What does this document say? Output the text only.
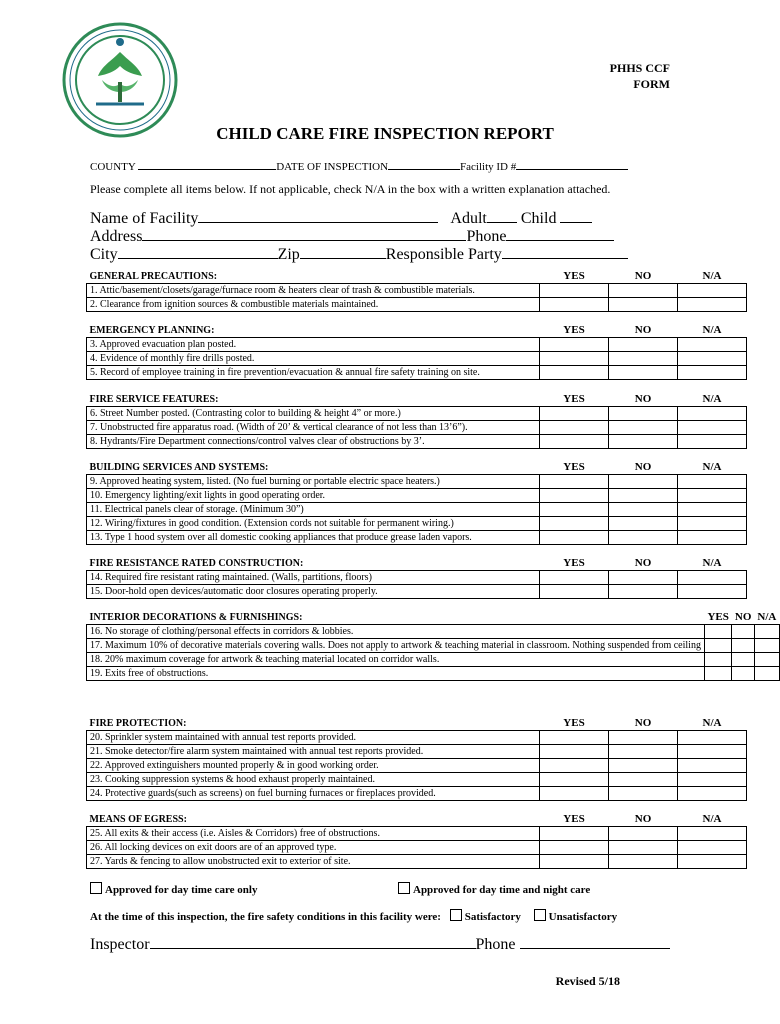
PHHS CCF
FORM
CHILD CARE FIRE INSPECTION REPORT
COUNTY	DATE OF INSPECTION	Facility ID #
Please complete all items below. If not applicable, check N/A in the box with a written explanation attached.
Name of Facility	Adult Child
Address	Phone
City	Zip	Responsible Party
GENERAL PRECAUTIONS:	YES	NO	N/A
1. Attic/basement/closets/garage/furnace room & heaters clear of trash & combustible materials.			
2. Clearance from ignition sources & combustible materials maintained.			
EMERGENCY PLANNING:	YES	NO	N/A
3. Approved evacuation plan posted.			
4. Evidence of monthly fire drills posted.			
5. Record of employee training in fire prevention/evacuation & annual fire safety training on site.			
FIRE SERVICE FEATURES:	YES	NO	N/A
6. Street Number posted. (Contrasting color to building & height 4” or more.)			
7. Unobstructed fire apparatus road. (Width of 20’ & vertical clearance of not less than 13’6”).			
8. Hydrants/Fire Department connections/control valves clear of obstructions by 3’.			
BUILDING SERVICES AND SYSTEMS:	YES	NO	N/A
9. Approved heating system, listed. (No fuel burning or portable electric space heaters.)			
10. Emergency lighting/exit lights in good operating order.			
11. Electrical panels clear of storage. (Minimum 30”)			
12. Wiring/fixtures in good condition. (Extension cords not suitable for permanent wiring.)			
13. Type 1 hood system over all domestic cooking appliances that produce grease laden vapors.			
FIRE RESISTANCE RATED CONSTRUCTION:	YES	NO	N/A
14. Required fire resistant rating maintained. (Walls, partitions, floors)			
15. Door-hold open devices/automatic door closures operating properly.			
INTERIOR DECORATIONS & FURNISHINGS:	YES	NO	N/A
16. No storage of clothing/personal effects in corridors & lobbies.			
17. Maximum 10% of decorative materials covering walls. Does not apply to artwork & teaching material in classroom. Nothing suspended from ceiling			
18. 20% maximum coverage for artwork & teaching material located on corridor walls.			
19. Exits free of obstructions.			
FIRE PROTECTION:	YES	NO	N/A
20. Sprinkler system maintained with annual test reports provided.			
21. Smoke detector/fire alarm system maintained with annual test reports provided.			
22. Approved extinguishers mounted properly & in good working order.			
23. Cooking suppression systems & hood exhaust properly maintained.			
24. Protective guards(such as screens) on fuel burning furnaces or fireplaces provided.			
MEANS OF EGRESS:	YES	NO	N/A
25. All exits & their access (i.e. Aisles & Corridors) free of obstructions.			
26. All locking devices on exit doors are of an approved type.			
27. Yards & fencing to allow unobstructed exit to exterior of site.			
Approved for day time care only	Approved for day time and night care
At the time of this inspection, the fire safety conditions in this facility were: Satisfactory	Unsatisfactory
Inspector	Phone
Revised 5/18
